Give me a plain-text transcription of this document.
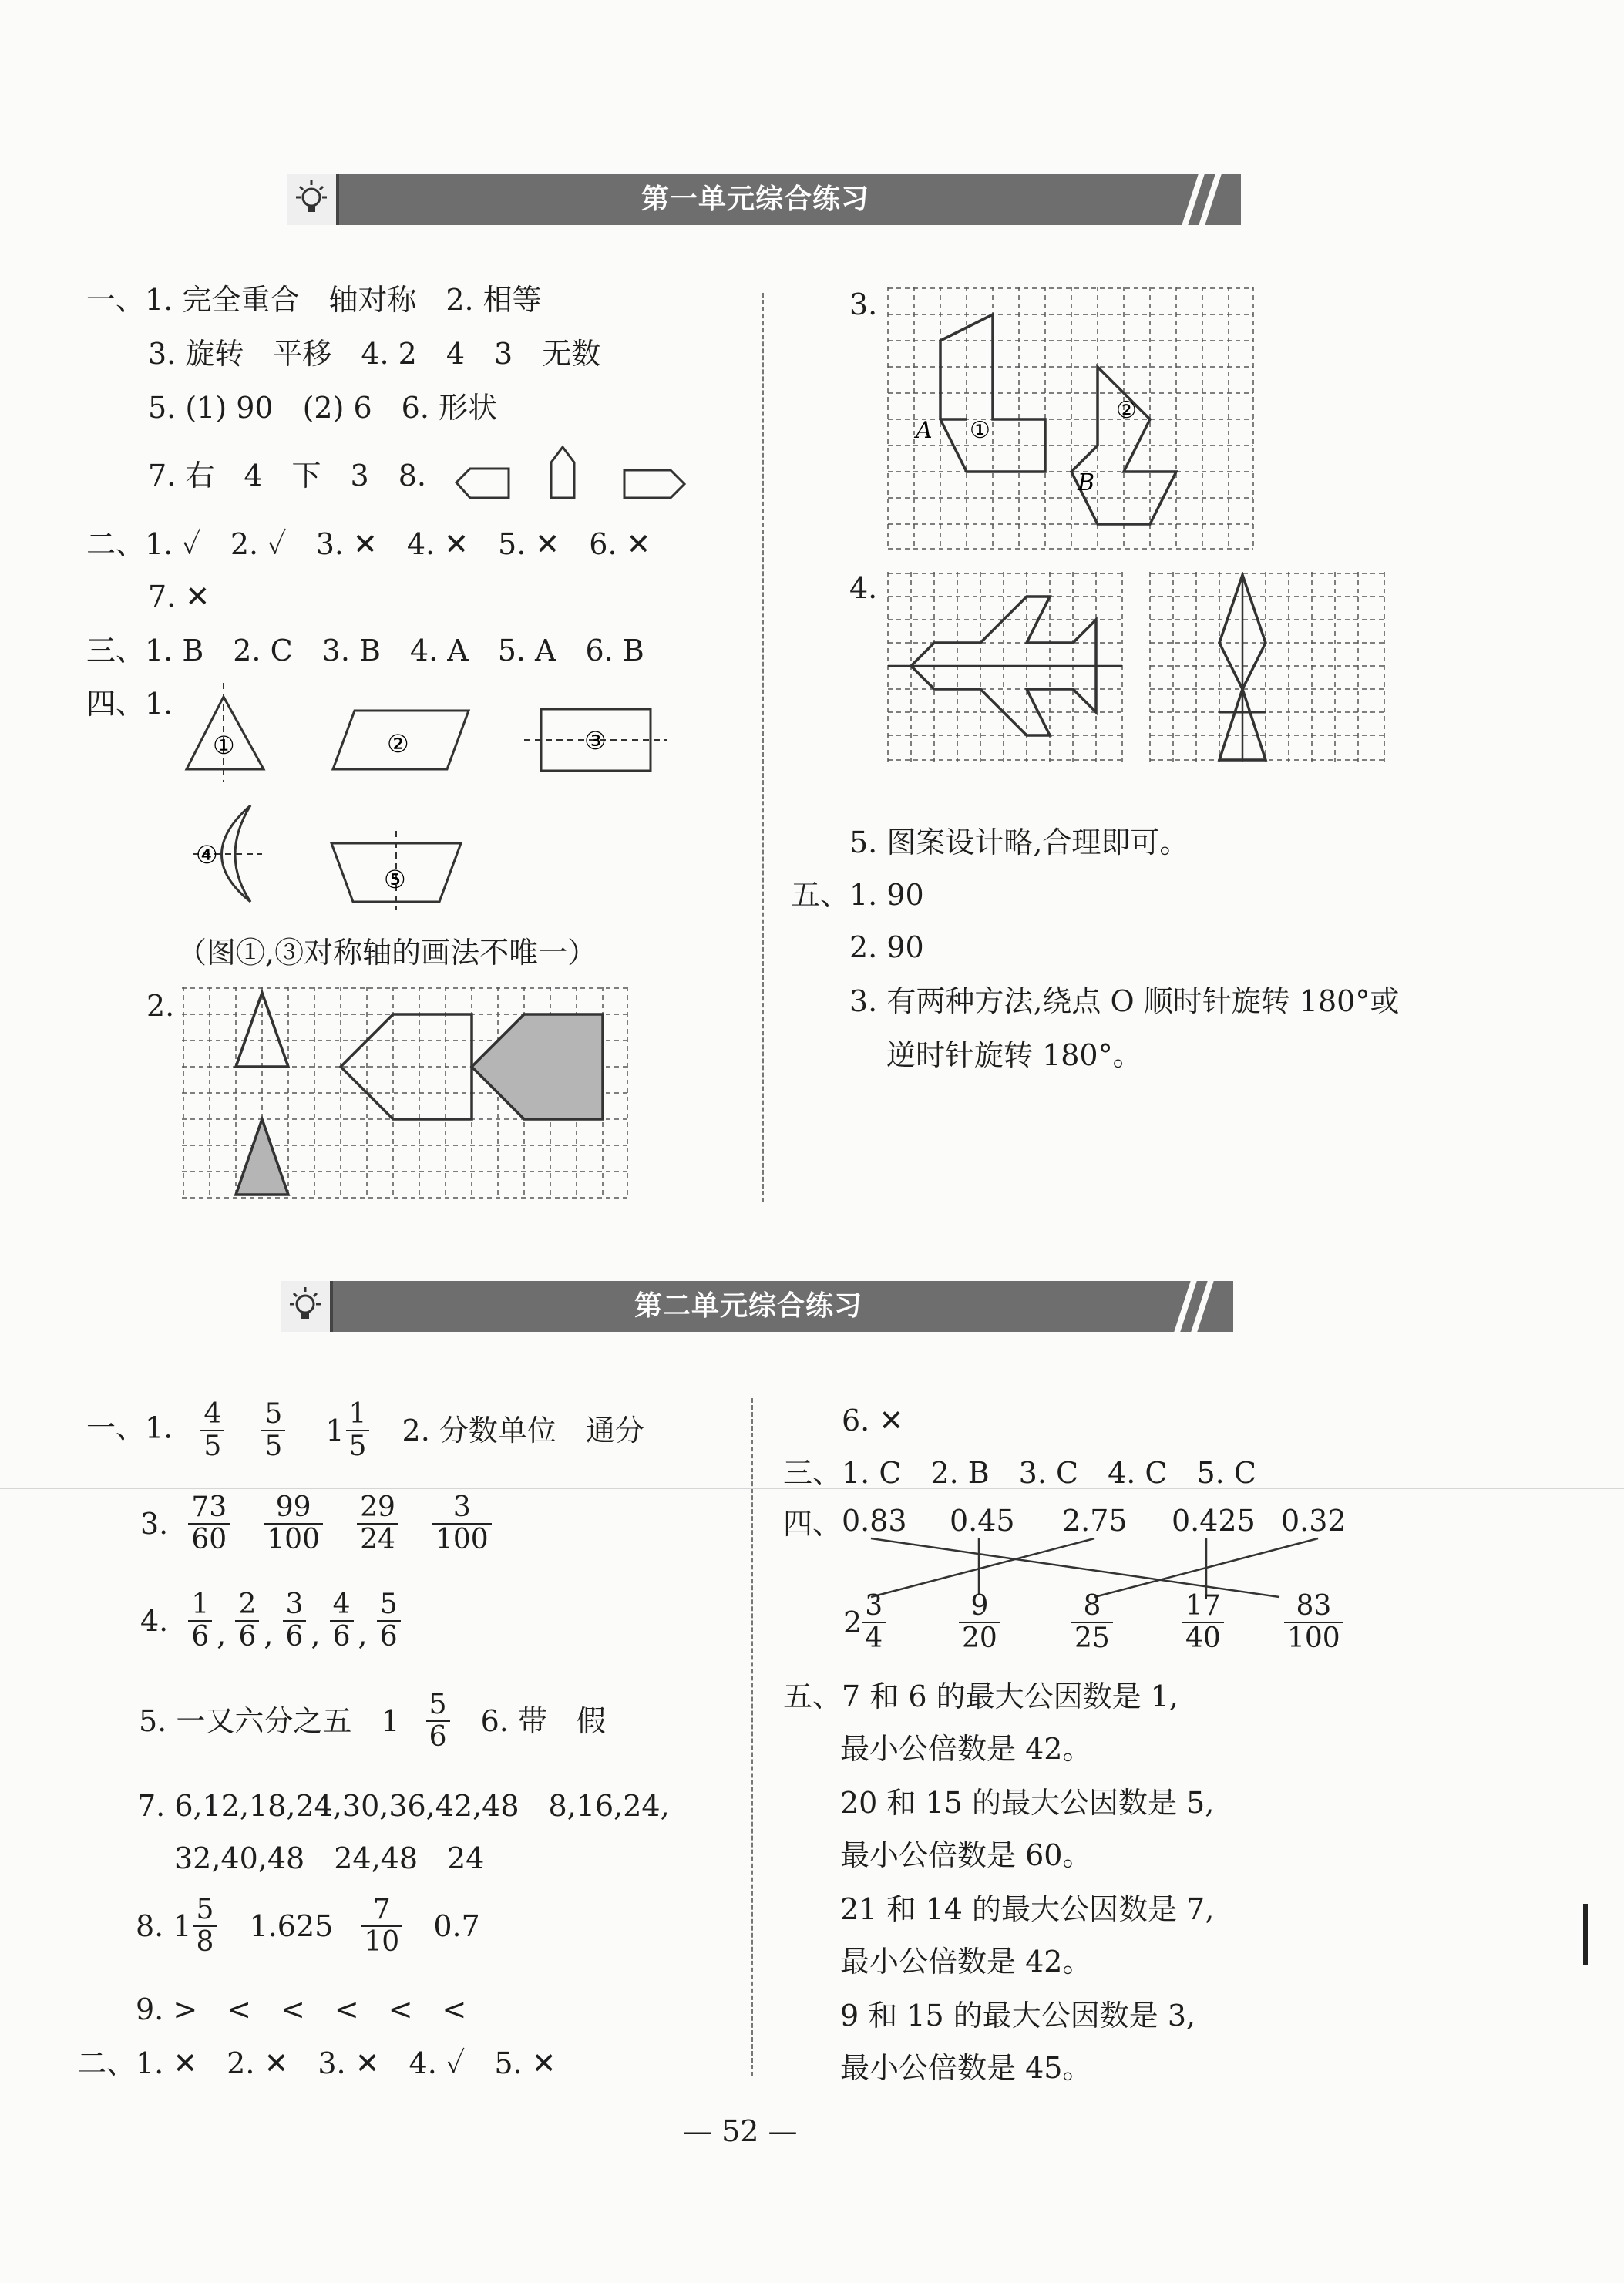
第一单元综合练习
一、1. 完全重合　轴对称　2. 相等
3. 旋转　平移　4. 2　4　3　无数
5. (1) 90　(2) 6　6. 形状
7. 右　4　下　3　8.
二、1. ✓　2. ✓　3. ✕　4. ✕　5. ✕　6. ✕
7. ✕
三、1. B　2. C　3. B　4. A　5. A　6. B
四、1.
①	②	③
④
⑤
（图①,③对称轴的画法不唯一）
2.
3.
A ①
②
B
4.
5. 图案设计略,合理即可。
五、1. 90
2. 90
3. 有两种方法,绕点 O 顺时针旋转 180°或
逆时针旋转 180°。
第二单元综合练习
一、1. $\frac{4}{5}$
$\frac{5}{5} 1 \frac{1}{5} 2$. 分数单位　通分
3. $\frac{73}{60}$
$\frac{99}{100}$
$\frac{29}{24}$
$\frac{3}{100}$
4. $\frac{1}{6}$ , $\frac{2}{6}$ , $\frac{3}{6}$ , $\frac{4}{6}$ , $\frac{5}{6}$
5. 一又六分之五　$1 \frac{5}{6} 6$. 带　假
7. 6,12,18,24,30,36,42,48　8,16,24,
32,40,48　24,48　24
8. $1 \frac{5}{8} 1.625 \frac{7}{10} 0.7$
9. >　<　<　<　<　<
二、1. ✕　2. ✕　3. ✕　4. ✓　5. ✕
6. ✕
三、1. C　2. B　3. C　4. C　5. C
四、 0.83 0.45 2.75 0.425 0.32
$2 \frac{3}{4}$	$\frac{9}{20}$	$\frac{8}{25}$	$\frac{17}{40} \frac{83}{100}$
五、7 和 6 的最大公因数是 1,
最小公倍数是 42。
20 和 15 的最大公因数是 5,
最小公倍数是 60。
21 和 14 的最大公因数是 7,
最小公倍数是 42。
9 和 15 的最大公因数是 3,
最小公倍数是 45。
— 52 —
